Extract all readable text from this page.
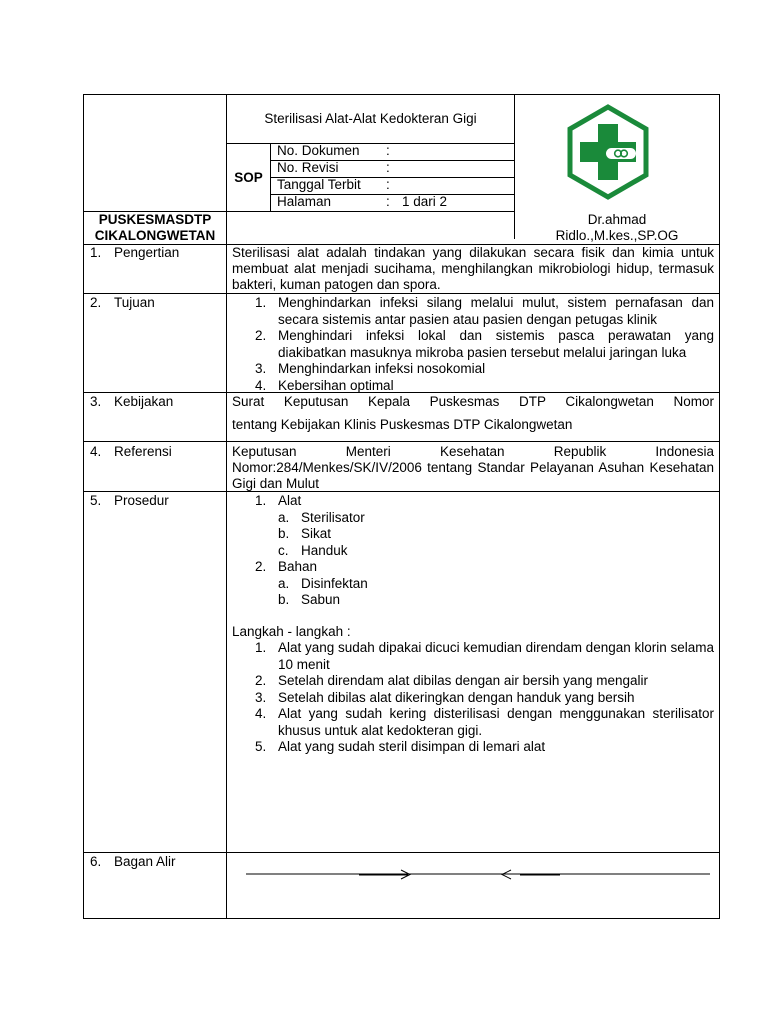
Sterilisasi Alat-Alat Kedokteran Gigi
SOP
No. Dokumen :
No. Revisi	:
Tanggal Terbit :
Halaman	: 1 dari 2
PUSKESMASDTP
CIKALONGWETAN
Dr.ahmad
Ridlo.,M.kes.,SP.OG
1. Pengertian	Sterilisasi alat adalah tindakan yang dilakukan secara fisik dan kimia untuk membuat alat menjadi sucihama, menghilangkan mikrobiologi hidup, termasuk bakteri, kuman patogen dan spora.
2. Tujuan	1. Menghindarkan infeksi silang melalui mulut, sistem pernafasan dan secara sistemis antar pasien atau pasien dengan petugas klinik
2. Menghindari infeksi lokal dan sistemis pasca perawatan yang diakibatkan masuknya mikroba pasien tersebut melalui jaringan luka
3. Menghindarkan infeksi nosokomial
4. Kebersihan optimal
3. Kebijakan	Surat Keputusan Kepala Puskesmas DTP Cikalongwetan Nomor
tentang Kebijakan Klinis Puskesmas DTP Cikalongwetan
4. Referensi	Keputusan Menteri Kesehatan Republik Indonesia Nomor:284/Menkes/SK/IV/2006 tentang Standar Pelayanan Asuhan Kesehatan Gigi dan Mulut
5. Prosedur	1. Alat
a. Sterilisator
b. Sikat
c. Handuk
2. Bahan
a. Disinfektan
b. Sabun
Langkah - langkah :
1. Alat yang sudah dipakai dicuci kemudian direndam dengan klorin selama 10 menit
2. Setelah direndam alat dibilas dengan air bersih yang mengalir
3. Setelah dibilas alat dikeringkan dengan handuk yang bersih
4. Alat yang sudah kering disterilisasi dengan menggunakan sterilisator khusus untuk alat kedokteran gigi.
5. Alat yang sudah steril disimpan di lemari alat
6. Bagan Alir
